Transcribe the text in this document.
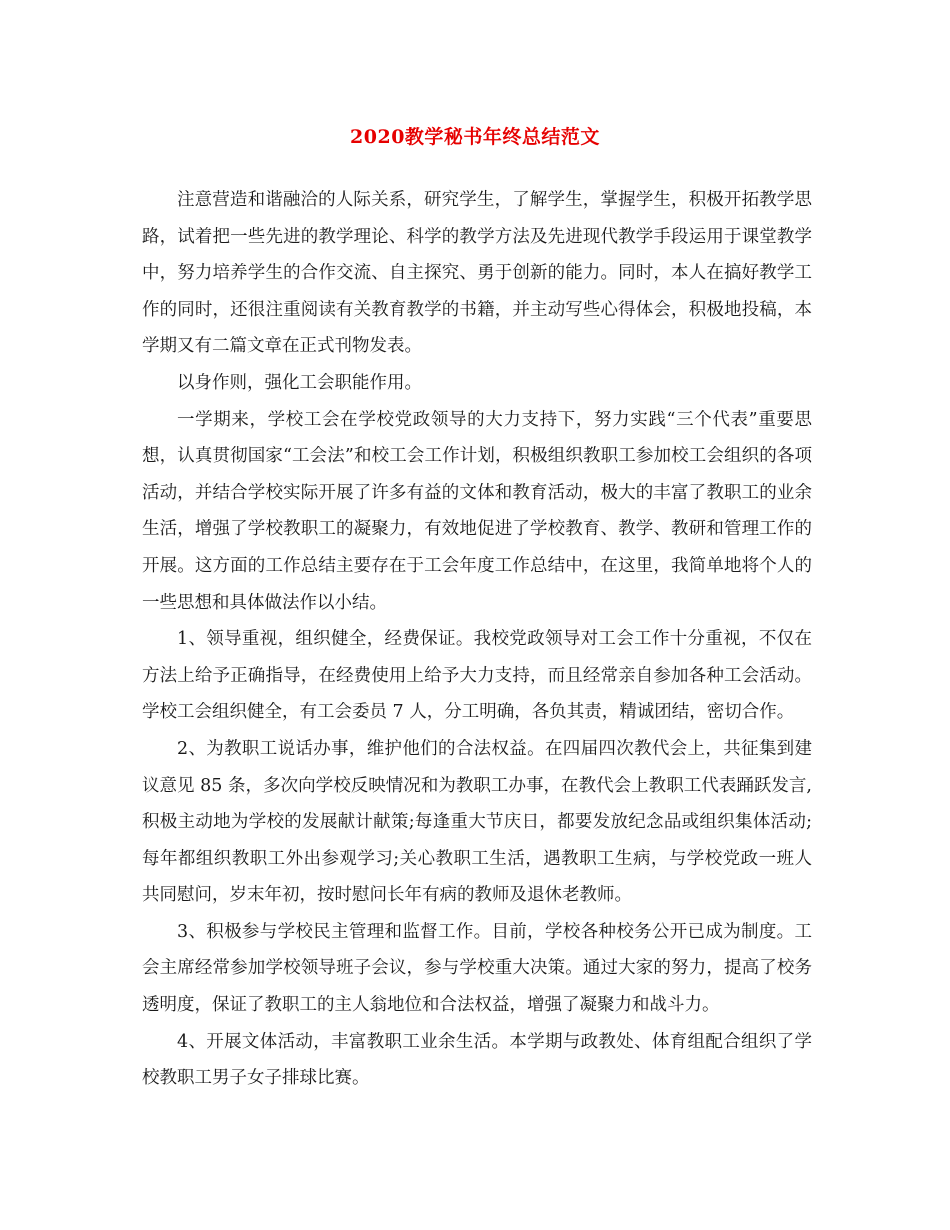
2020教学秘书年终总结范文

注意营造和谐融洽的人际关系，研究学生，了解学生，掌握学生，积极开拓教学思路，试着把一些先进的教学理论、科学的教学方法及先进现代教学手段运用于课堂教学中，努力培养学生的合作交流、自主探究、勇于创新的能力。同时，本人在搞好教学工作的同时，还很注重阅读有关教育教学的书籍，并主动写些心得体会，积极地投稿，本学期又有二篇文章在正式刊物发表。

以身作则，强化工会职能作用。

一学期来，学校工会在学校党政领导的大力支持下，努力实践“三个代表”重要思想，认真贯彻国家“工会法”和校工会工作计划，积极组织教职工参加校工会组织的各项活动，并结合学校实际开展了许多有益的文体和教育活动，极大的丰富了教职工的业余生活，增强了学校教职工的凝聚力，有效地促进了学校教育、教学、教研和管理工作的开展。这方面的工作总结主要存在于工会年度工作总结中，在这里，我简单地将个人的一些思想和具体做法作以小结。

1、领导重视，组织健全，经费保证。我校党政领导对工会工作十分重视，不仅在方法上给予正确指导，在经费使用上给予大力支持，而且经常亲自参加各种工会活动。学校工会组织健全，有工会委员 7 人，分工明确，各负其责，精诚团结，密切合作。

2、为教职工说话办事，维护他们的合法权益。在四届四次教代会上，共征集到建议意见 85 条，多次向学校反映情况和为教职工办事，在教代会上教职工代表踊跃发言,积极主动地为学校的发展献计献策;每逢重大节庆日，都要发放纪念品或组织集体活动;每年都组织教职工外出参观学习;关心教职工生活，遇教职工生病，与学校党政一班人共同慰问，岁末年初，按时慰问长年有病的教师及退休老教师。

3、积极参与学校民主管理和监督工作。目前，学校各种校务公开已成为制度。工会主席经常参加学校领导班子会议，参与学校重大决策。通过大家的努力，提高了校务透明度，保证了教职工的主人翁地位和合法权益，增强了凝聚力和战斗力。

4、开展文体活动，丰富教职工业余生活。本学期与政教处、体育组配合组织了学校教职工男子女子排球比赛。
